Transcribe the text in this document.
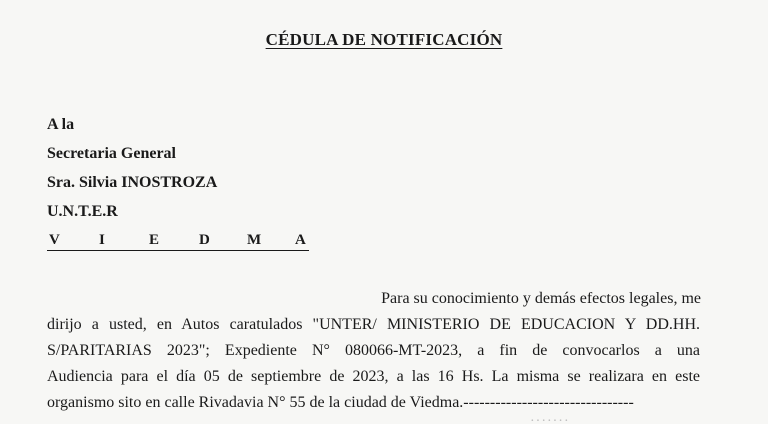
CÉDULA DE NOTIFICACIÓN
A la
Secretaria General
Sra. Silvia INOSTROZA
U.N.T.E.R
V	I	E	D M A
Para su conocimiento y demás efectos legales, me
dirijo a usted, en Autos caratulados "UNTER/ MINISTERIO DE EDUCACION Y DD.HH.
S/PARITARIAS 2023"; Expediente N° 080066-MT-2023, a fin de convocarlos a una
Audiencia para el día 05 de septiembre de 2023, a las 16 Hs. La misma se realizara en este
organismo sito en calle Rivadavia N° 55 de la ciudad de Viedma.--------------------------------
·······
